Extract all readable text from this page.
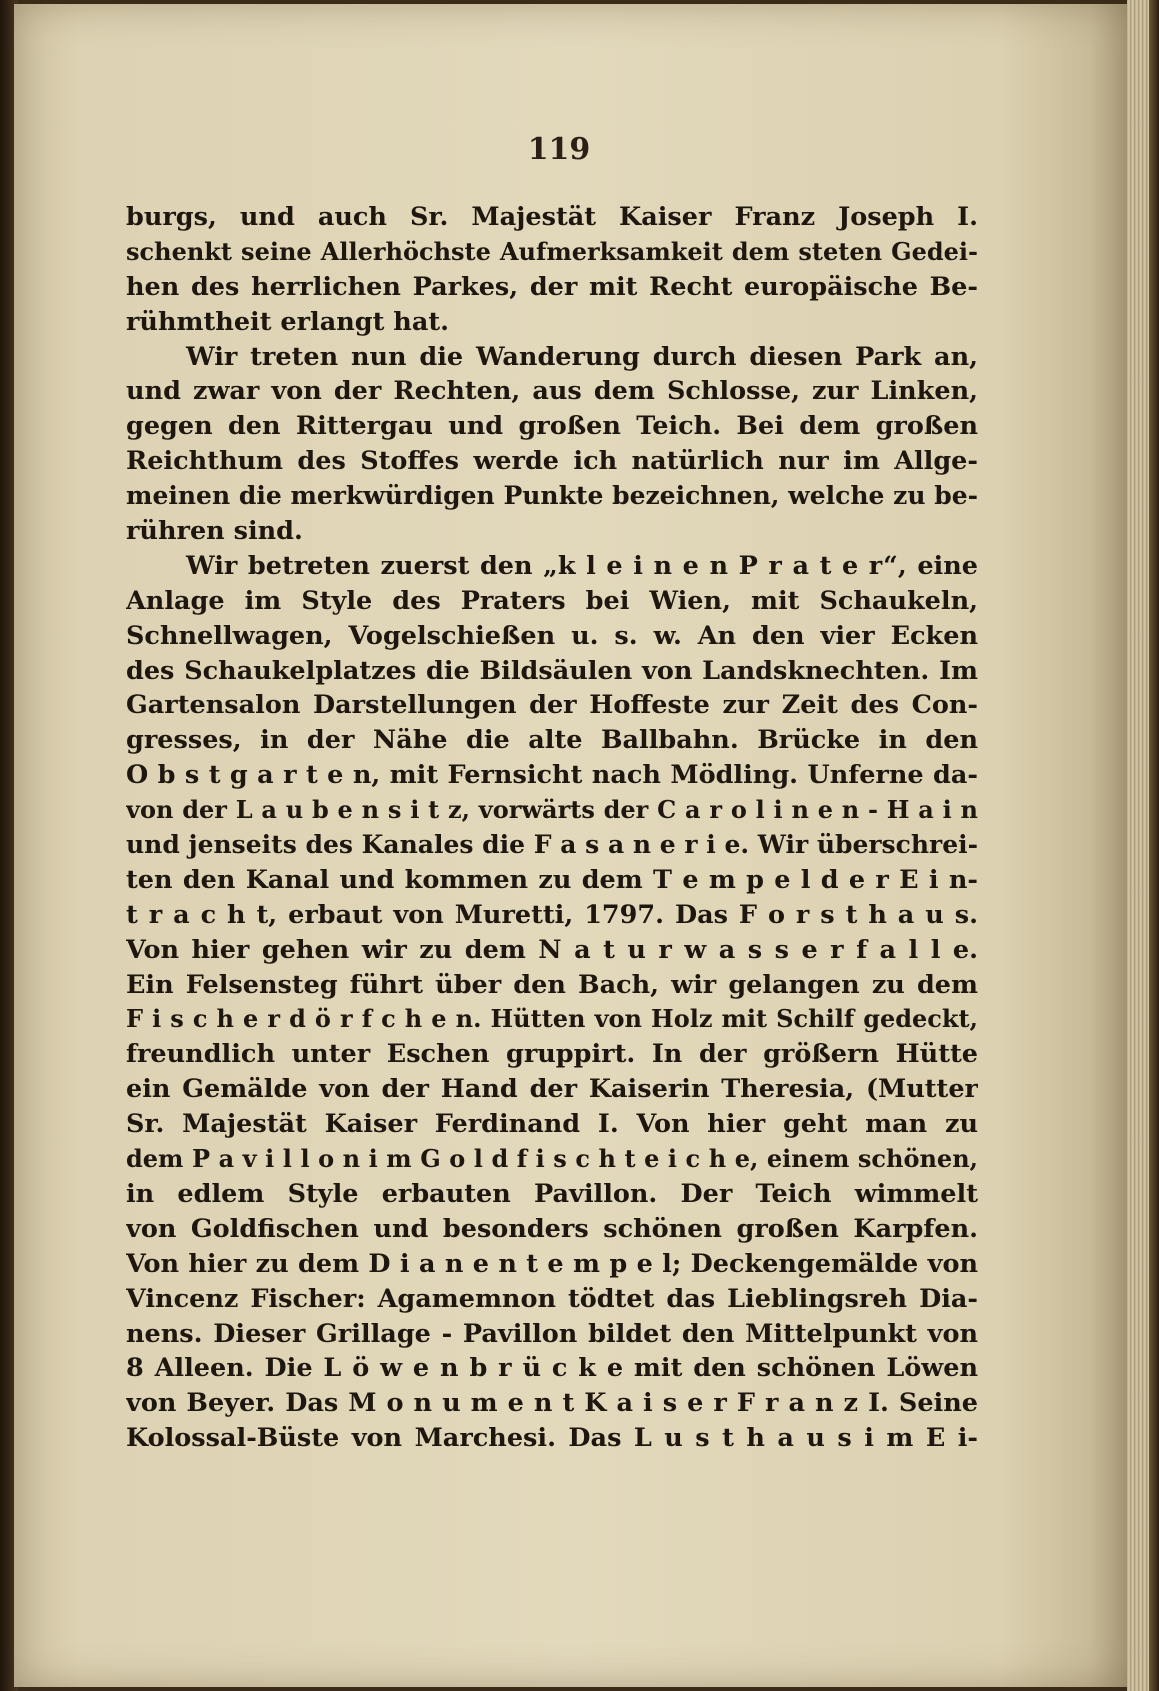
119
burgs, und auch Sr. Majestät Kaiser Franz Joseph I.
schenkt seine Allerhöchste Aufmerksamkeit dem steten Gedei-
hen des herrlichen Parkes, der mit Recht europäische Be-
rühmtheit erlangt hat.
Wir treten nun die Wanderung durch diesen Park an,
und zwar von der Rechten, aus dem Schlosse, zur Linken,
gegen den Rittergau und großen Teich. Bei dem großen
Reichthum des Stoffes werde ich natürlich nur im Allge-
meinen die merkwürdigen Punkte bezeichnen, welche zu be-
rühren sind.
Wir betreten zuerst den „k l e i n e n P r a t e r“, eine
Anlage im Style des Praters bei Wien, mit Schaukeln,
Schnellwagen, Vogelschießen u. s. w. An den vier Ecken
des Schaukelplatzes die Bildsäulen von Landsknechten. Im
Gartensalon Darstellungen der Hoffeste zur Zeit des Con-
gresses, in der Nähe die alte Ballbahn. Brücke in den
O b s t g a r t e n, mit Fernsicht nach Mödling. Unferne da-
von der L a u b e n s i t z, vorwärts der C a r o l i n e n - H a i n
und jenseits des Kanales die F a s a n e r i e. Wir überschrei-
ten den Kanal und kommen zu dem T e m p e l d e r E i n-
t r a c h t, erbaut von Muretti, 1797. Das F o r s t h a u s.
Von hier gehen wir zu dem N a t u r w a s s e r f a l l e.
Ein Felsensteg führt über den Bach, wir gelangen zu dem
F i s c h e r d ö r f c h e n. Hütten von Holz mit Schilf gedeckt,
freundlich unter Eschen gruppirt. In der größern Hütte
ein Gemälde von der Hand der Kaiserin Theresia, (Mutter
Sr. Majestät Kaiser Ferdinand I. Von hier geht man zu
dem P a v i l l o n i m G o l d f i s c h t e i c h e, einem schönen,
in edlem Style erbauten Pavillon. Der Teich wimmelt
von Goldfischen und besonders schönen großen Karpfen.
Von hier zu dem D i a n e n t e m p e l; Deckengemälde von
Vincenz Fischer: Agamemnon tödtet das Lieblingsreh Dia-
nens. Dieser Grillage - Pavillon bildet den Mittelpunkt von
8 Alleen. Die L ö w e n b r ü c k e mit den schönen Löwen
von Beyer. Das M o n u m e n t K a i s e r F r a n z I. Seine
Kolossal-Büste von Marchesi. Das L u s t h a u s i m E i-
